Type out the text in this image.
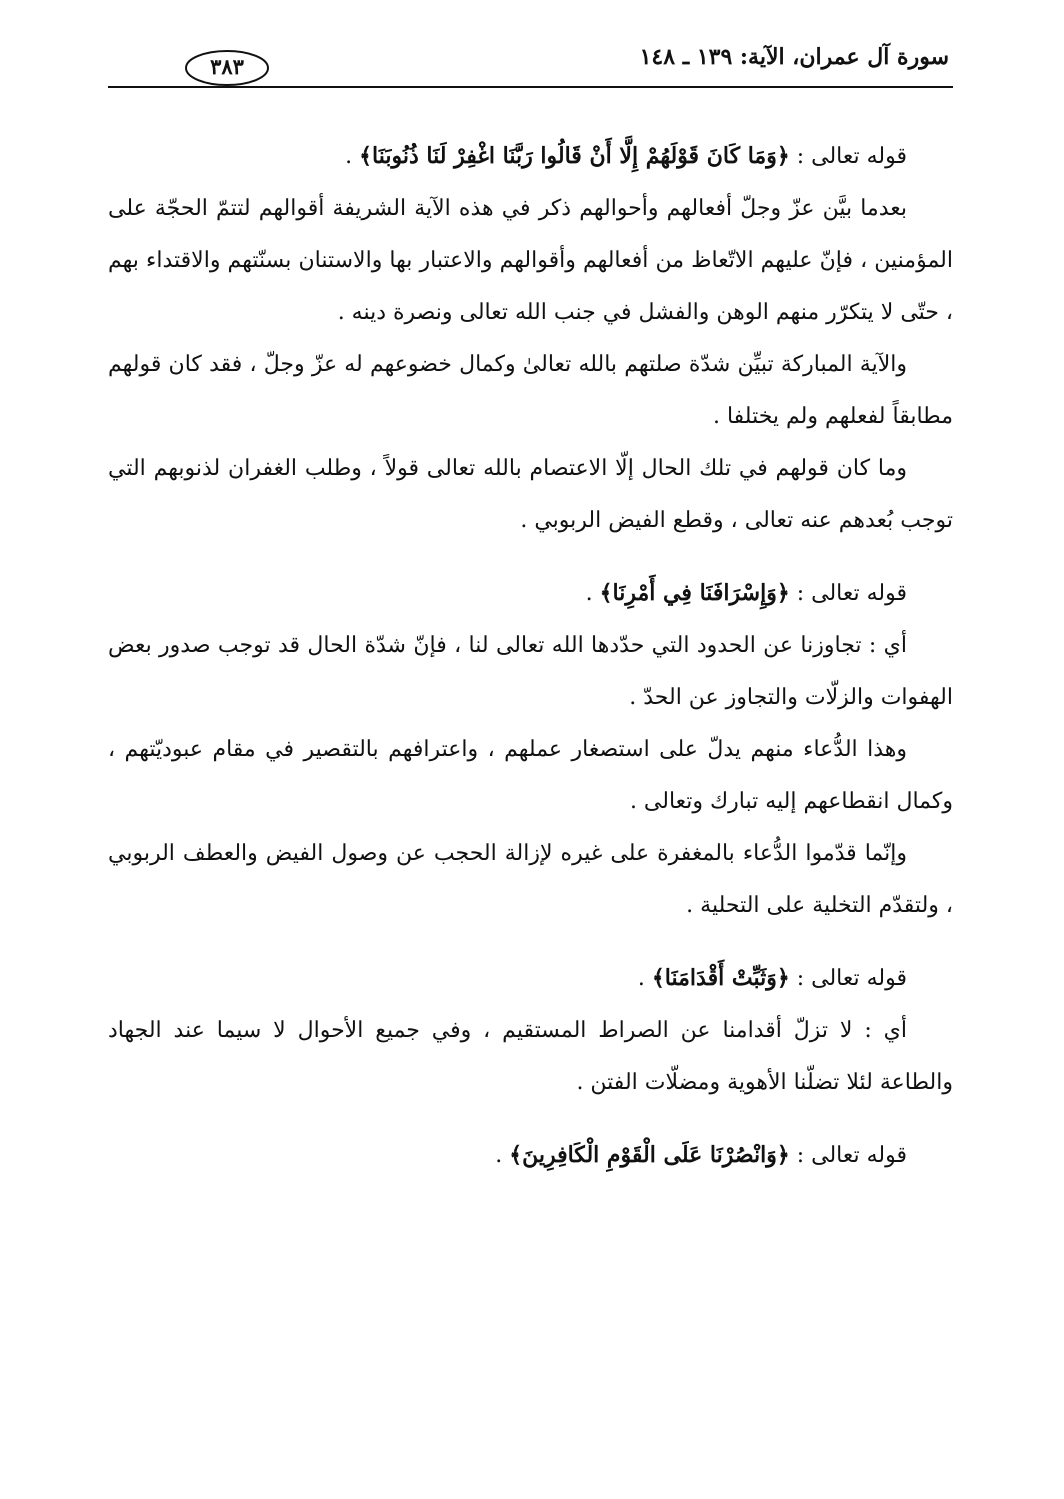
سورة آل عمران، الآية: ١٣٩ ـ ١٤٨
٣٨٣

قوله تعالى : ﴿وَمَا كَانَ قَوْلَهُمْ إِلَّا أَنْ قَالُوا رَبَّنَا اغْفِرْ لَنَا ذُنُوبَنَا﴾ .

بعدما بيَّن عزّ وجلّ أفعالهم وأحوالهم ذكر في هذه الآية الشريفة أقوالهم لتتمّ الحجّة على المؤمنين ، فإنّ عليهم الاتّعاظ من أفعالهم وأقوالهم والاعتبار بها والاستنان بسنّتهم والاقتداء بهم ، حتّى لا يتكرّر منهم الوهن والفشل في جنب الله تعالى ونصرة دينه .

والآية المباركة تبيِّن شدّة صلتهم بالله تعالىٰ وكمال خضوعهم له عزّ وجلّ ، فقد كان قولهم مطابقاً لفعلهم ولم يختلفا .

وما كان قولهم في تلك الحال إلّا الاعتصام بالله تعالى قولاً ، وطلب الغفران لذنوبهم التي توجب بُعدهم عنه تعالى ، وقطع الفيض الربوبي .

قوله تعالى : ﴿وَإِسْرَافَنَا فِي أَمْرِنَا﴾ .

أي : تجاوزنا عن الحدود التي حدّدها الله تعالى لنا ، فإنّ شدّة الحال قد توجب صدور بعض الهفوات والزلّات والتجاوز عن الحدّ .

وهذا الدُّعاء منهم يدلّ على استصغار عملهم ، واعترافهم بالتقصير في مقام عبوديّتهم ، وكمال انقطاعهم إليه تبارك وتعالى .

وإنّما قدّموا الدُّعاء بالمغفرة على غيره لإزالة الحجب عن وصول الفيض والعطف الربوبي ، ولتقدّم التخلية على التحلية .

قوله تعالى : ﴿وَثَبِّتْ أَقْدَامَنَا﴾ .

أي : لا تزلّ أقدامنا عن الصراط المستقيم ، وفي جميع الأحوال لا سيما عند الجهاد والطاعة لئلا تضلّنا الأهوية ومضلّات الفتن .

قوله تعالى : ﴿وَانْصُرْنَا عَلَى الْقَوْمِ الْكَافِرِينَ﴾ .
